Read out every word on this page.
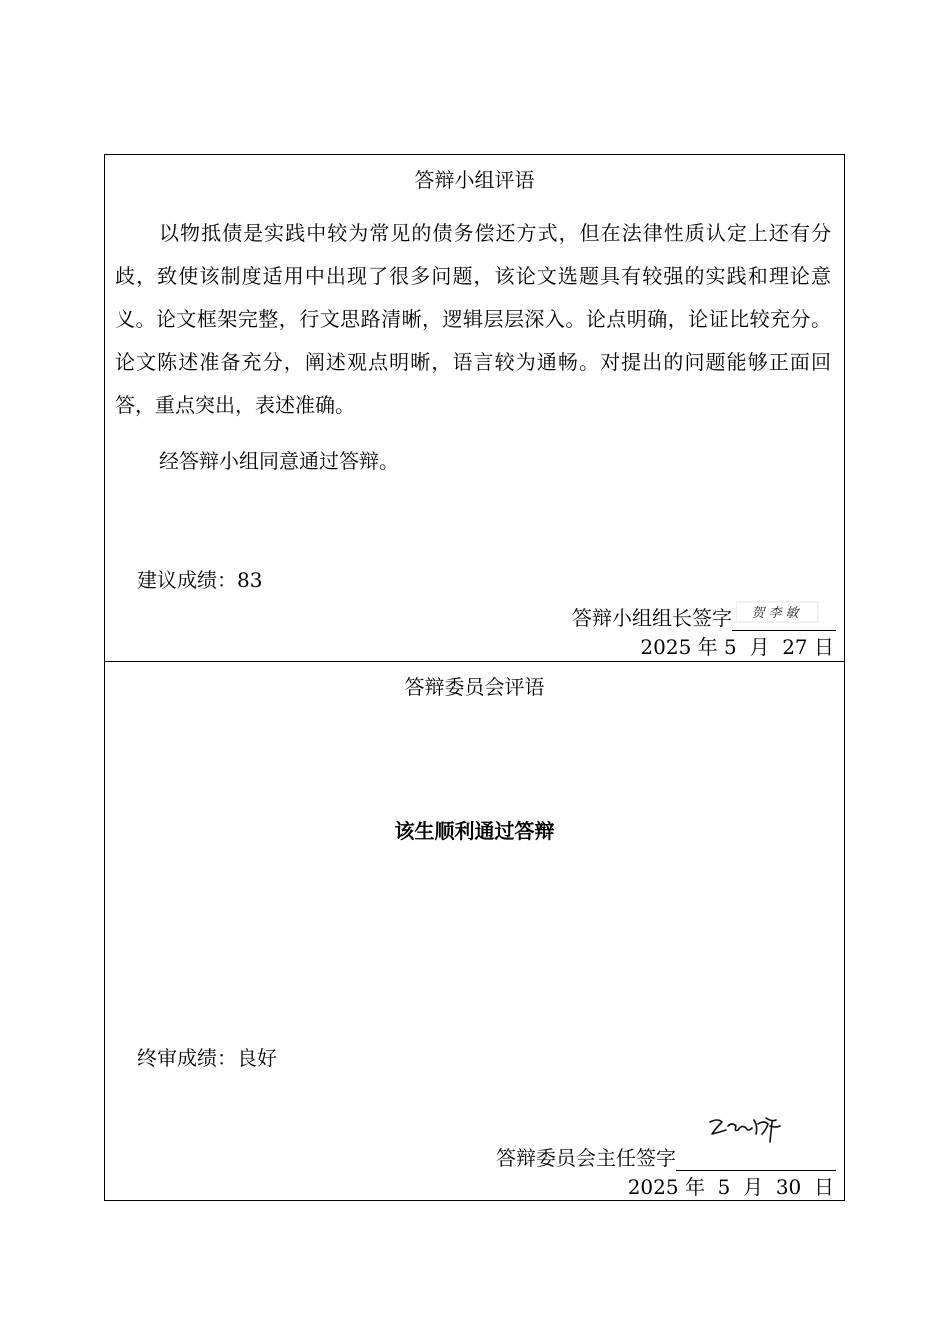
答辩小组评语
以物抵债是实践中较为常见的债务偿还方式，但在法律性质认定上还有分歧，致使该制度适用中出现了很多问题，该论文选题具有较强的实践和理论意义。论文框架完整，行文思路清晰，逻辑层层深入。论点明确，论证比较充分。论文陈述准备充分，阐述观点明晰，语言较为通畅。对提出的问题能够正面回答，重点突出，表述准确。
经答辩小组同意通过答辩。
建议成绩：83
答辩小组组长签字 贺李敏
2025 年 5  月  27 日
答辩委员会评语
该生顺利通过答辩
终审成绩：良好
答辩委员会主任签字
2025 年  5  月  30  日
